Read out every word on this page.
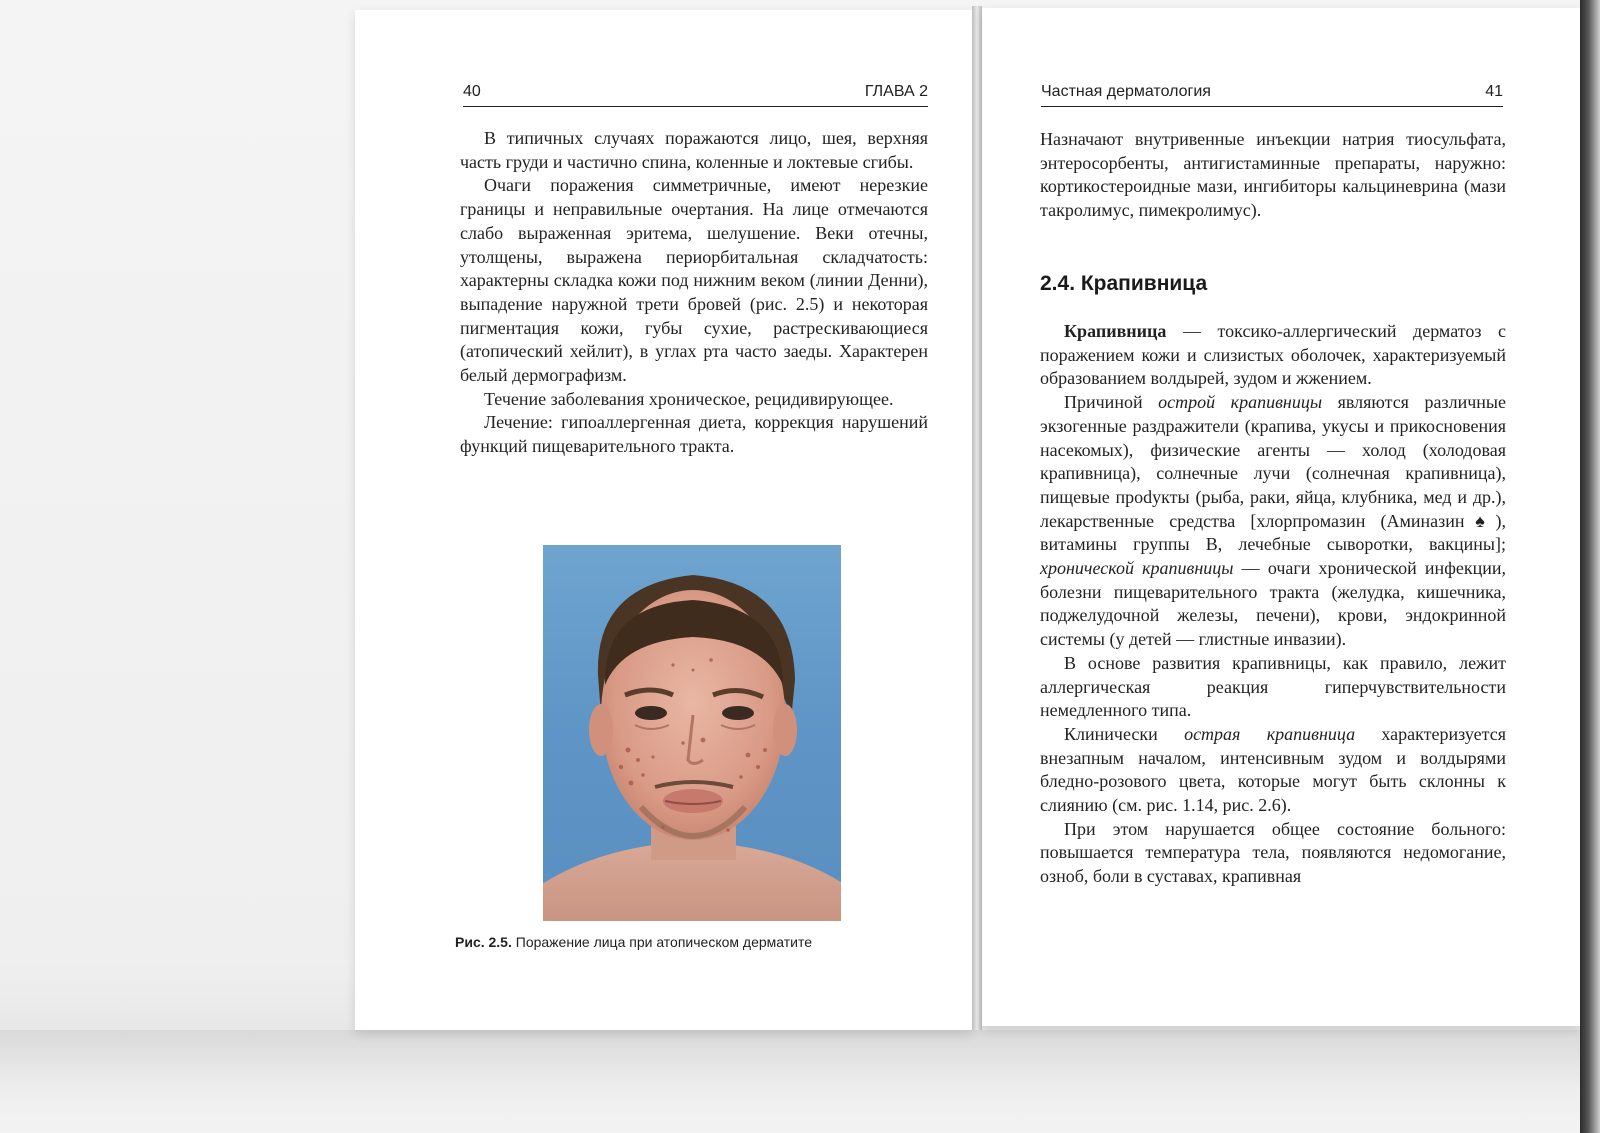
40	ГЛАВА 2	Частная дерматология	41

В типичных случаях поражаются лицо, шея, верхняя часть груди и частично спина, коленные и локтевые сгибы.

Очаги поражения симметричные, имеют нерезкие границы и неправильные очертания. На лице отмечаются слабо выраженная эритема, шелушение. Веки отечны, утолщены, выражена периорбитальная складчатость: характерны складка кожи под нижним веком (линии Денни), выпадение наружной трети бровей (рис. 2.5) и некоторая пигментация кожи, губы сухие, растрескивающиеся (атопический хейлит), в углах рта часто заеды. Характерен белый дермографизм.

Течение заболевания хроническое, рецидивирующее.

Лечение: гипоаллергенная диета, коррекция нарушений функций пищеварительного тракта.

Рис. 2.5. Поражение лица при атопическом дерматите

Назначают внутривенные инъекции натрия тиосульфата, энтеросорбенты, антигистаминные препараты, наружно: кортикостероидные мази, ингибиторы кальциневрина (мази такролимус, пимекролимус).

2.4. Крапивница

Крапивница — токсико-аллергический дерматоз с поражением кожи и слизистых оболочек, характеризуемый образованием волдырей, зудом и жжением.

Причиной острой крапивницы являются различные экзогенные раздражители (крапива, укусы и прикосновения насекомых), физические агенты — холод (холодовая крапивница), солнечные лучи (солнечная крапивница), пищевые проdукты (рыба, раки, яйца, клубника, мед и др.), лекарственные средства [хлорпромазин (Аминазин♠), витамины группы В, лечебные сыворотки, вакцины]; хронической крапивницы — очаги хронической инфекции, болезни пищеварительного тракта (желудка, кишечника, поджелудочной железы, печени), крови, эндокринной системы (у детей — глистные инвазии).

В основе развития крапивницы, как правило, лежит аллергическая реакция гиперчувствительности немедленного типа.

Клинически острая крапивница характеризуется внезапным началом, интенсивным зудом и волдырями бледно-розового цвета, которые могут быть склонны к слиянию (см. рис. 1.14, рис. 2.6).

При этом нарушается общее состояние больного: повышается температура тела, появляются недомогание, озноб, боли в суставах, крапивная
